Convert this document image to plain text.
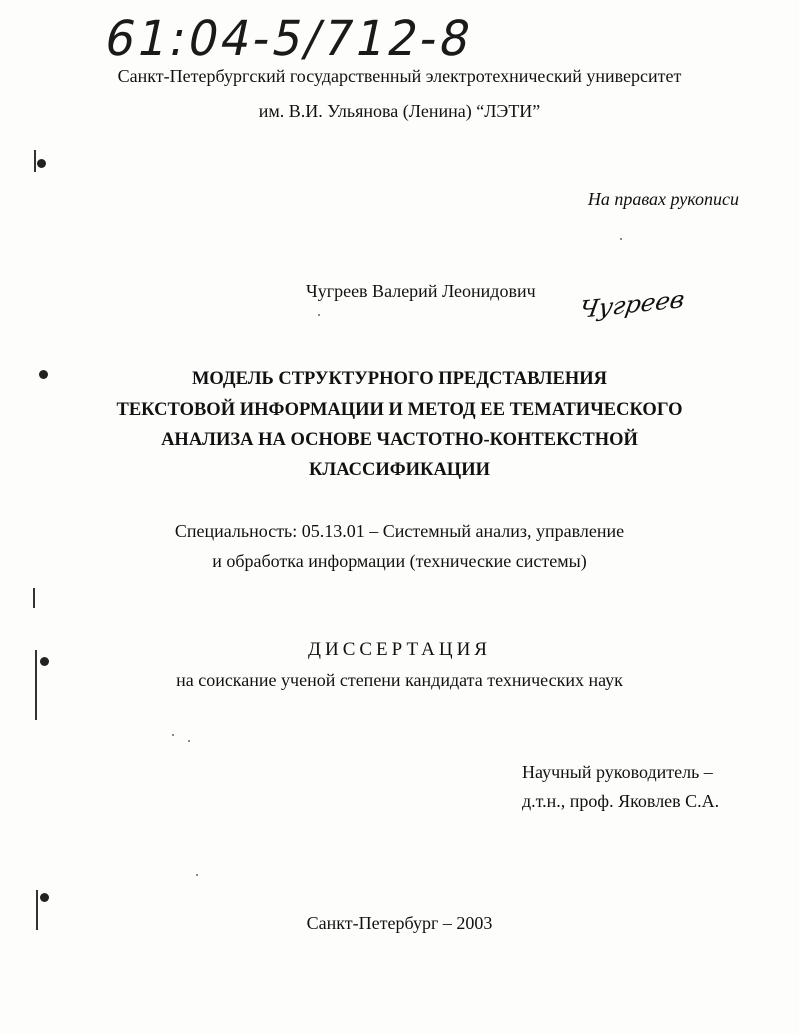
61:04-5/712-8
Санкт-Петербургский государственный электротехнический университет
им. В.И. Ульянова (Ленина) “ЛЭТИ”
На правах рукописи
Чугреев Валерий Леонидович Чугреев
МОДЕЛЬ СТРУКТУРНОГО ПРЕДСТАВЛЕНИЯ
ТЕКСТОВОЙ ИНФОРМАЦИИ И МЕТОД ЕЕ ТЕМАТИЧЕСКОГО
АНАЛИЗА НА ОСНОВЕ ЧАСТОТНО-КОНТЕКСТНОЙ
КЛАССИФИКАЦИИ
Специальность: 05.13.01 – Системный анализ, управление
и обработка информации (технические системы)
ДИССЕРТАЦИЯ
на соискание ученой степени кандидата технических наук
Научный руководитель –
д.т.н., проф. Яковлев С.А.
Санкт-Петербург – 2003
